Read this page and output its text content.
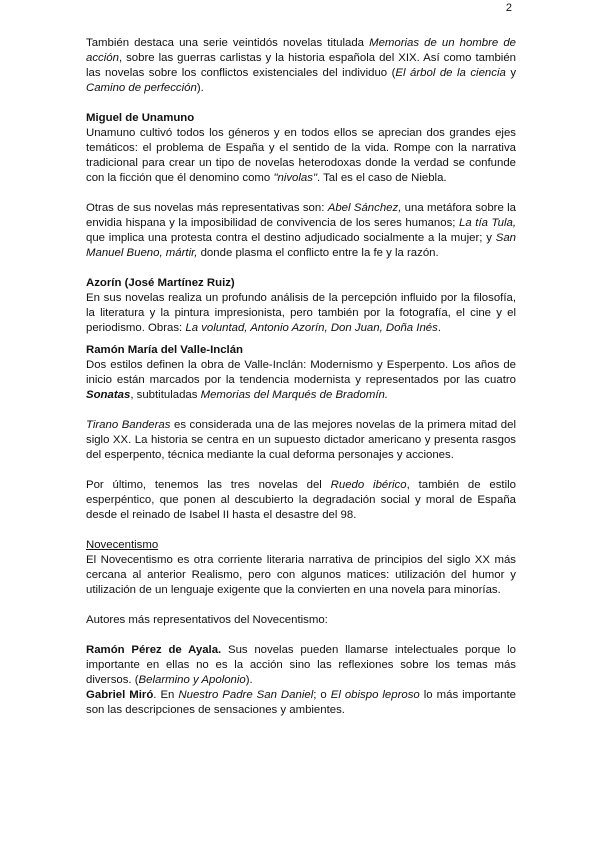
2

También destaca una serie veintidós novelas titulada Memorias de un hombre de acción, sobre las guerras carlistas y la historia española del XIX. Así como también las novelas sobre los conflictos existenciales del individuo (El árbol de la ciencia y Camino de perfección).

Miguel de Unamuno

Unamuno cultivó todos los géneros y en todos ellos se aprecian dos grandes ejes temáticos: el problema de España y el sentido de la vida. Rompe con la narrativa tradicional para crear un tipo de novelas heterodoxas donde la verdad se confunde con la ficción que él denomino como "nivolas". Tal es el caso de Niebla.

Otras de sus novelas más representativas son: Abel Sánchez, una metáfora sobre la envidia hispana y la imposibilidad de convivencia de los seres humanos; La tía Tula, que implica una protesta contra el destino adjudicado socialmente a la mujer; y San Manuel Bueno, mártir, donde plasma el conflicto entre la fe y la razón.

Azorín (José Martínez Ruiz)

En sus novelas realiza un profundo análisis de la percepción influido por la filosofía, la literatura y la pintura impresionista, pero también por la fotografía, el cine y el periodismo. Obras: La voluntad, Antonio Azorín, Don Juan, Doña Inés.

Ramón María del Valle-Inclán

Dos estilos definen la obra de Valle-Inclán: Modernismo y Esperpento. Los años de inicio están marcados por la tendencia modernista y representados por las cuatro Sonatas, subtituladas Memorias del Marqués de Bradomín.

Tirano Banderas es considerada una de las mejores novelas de la primera mitad del siglo XX. La historia se centra en un supuesto dictador americano y presenta rasgos del esperpento, técnica mediante la cual deforma personajes y acciones.

Por último, tenemos las tres novelas del Ruedo ibérico, también de estilo esperpéntico, que ponen al descubierto la degradación social y moral de España desde el reinado de Isabel II hasta el desastre del 98.

Novecentismo

El Novecentismo es otra corriente literaria narrativa de principios del siglo XX más cercana al anterior Realismo, pero con algunos matices: utilización del humor y utilización de un lenguaje exigente que la convierten en una novela para minorías.

Autores más representativos del Novecentismo:

Ramón Pérez de Ayala. Sus novelas pueden llamarse intelectuales porque lo importante en ellas no es la acción sino las reflexiones sobre los temas más diversos. (Belarmino y Apolonio).

Gabriel Miró. En Nuestro Padre San Daniel; o El obispo leproso lo más importante son las descripciones de sensaciones y ambientes.
